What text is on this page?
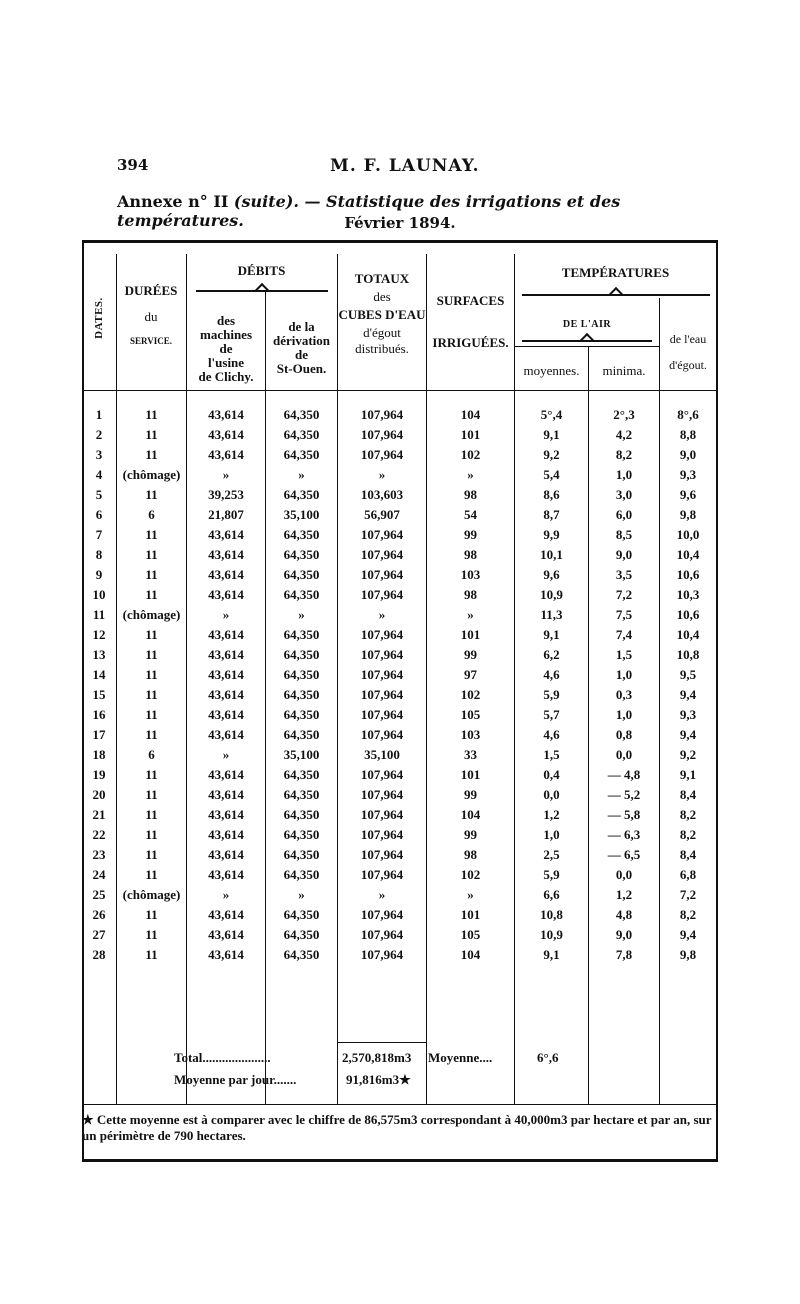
394	M. F. LAUNAY.
Annexe n° II (suite). — Statistique des irrigations et des températures.	Février 1894.
DATES.
DURÉES
du
SERVICE.
DÉBITS
des
machines
de
l'usine
de Clichy.
de la
dérivation
de
St-Ouen.
TOTAUX
des
CUBES D'EAU
d'égout
distribués.
SURFACES
IRRIGUÉES.
TEMPÉRATURES
DE L'AIR
moyennes.	minima.
de l'eau
d'égout.
1	11	43,614	64,350	107,964	104	5°,4	2°,3	8°,6
2	11	43,614	64,350	107,964	101	9,1	4,2	8,8
3	11	43,614	64,350	107,964	102	9,2	8,2	9,0
4	(chômage)	»	»	»	»	5,4	1,0	9,3
5	11	39,253	64,350	103,603	98	8,6	3,0	9,6
6	6	21,807	35,100	56,907	54	8,7	6,0	9,8
7	11	43,614	64,350	107,964	99	9,9	8,5	10,0
8	11	43,614	64,350	107,964	98	10,1	9,0	10,4
9	11	43,614	64,350	107,964	103	9,6	3,5	10,6
10	11	43,614	64,350	107,964	98	10,9	7,2	10,3
11	(chômage)	»	»	»	»	11,3	7,5	10,6
12	11	43,614	64,350	107,964	101	9,1	7,4	10,4
13	11	43,614	64,350	107,964	99	6,2	1,5	10,8
14	11	43,614	64,350	107,964	97	4,6	1,0	9,5
15	11	43,614	64,350	107,964	102	5,9	0,3	9,4
16	11	43,614	64,350	107,964	105	5,7	1,0	9,3
17	11	43,614	64,350	107,964	103	4,6	0,8	9,4
18	6	»	35,100	35,100	33	1,5	0,0	9,2
19	11	43,614	64,350	107,964	101	0,4	— 4,8	9,1
20	11	43,614	64,350	107,964	99	0,0	— 5,2	8,4
21	11	43,614	64,350	107,964	104	1,2	— 5,8	8,2
22	11	43,614	64,350	107,964	99	1,0	— 6,3	8,2
23	11	43,614	64,350	107,964	98	2,5	— 6,5	8,4
24	11	43,614	64,350	107,964	102	5,9	0,0	6,8
25	(chômage)	»	»	»	»	6,6	1,2	7,2
26	11	43,614	64,350	107,964	101	10,8	4,8	8,2
27	11	43,614	64,350	107,964	105	10,9	9,0	9,4
28	11	43,614	64,350	107,964	104	9,1	7,8	9,8
Total.....................	2,570,818m3
Moyenne par jour.......	91,816m3★
Moyenne....	6°,6
★ Cette moyenne est à comparer avec le chiffre de 86,575m3 correspondant à 40,000m3 par hectare et par an, sur un périmètre de 790 hectares.
